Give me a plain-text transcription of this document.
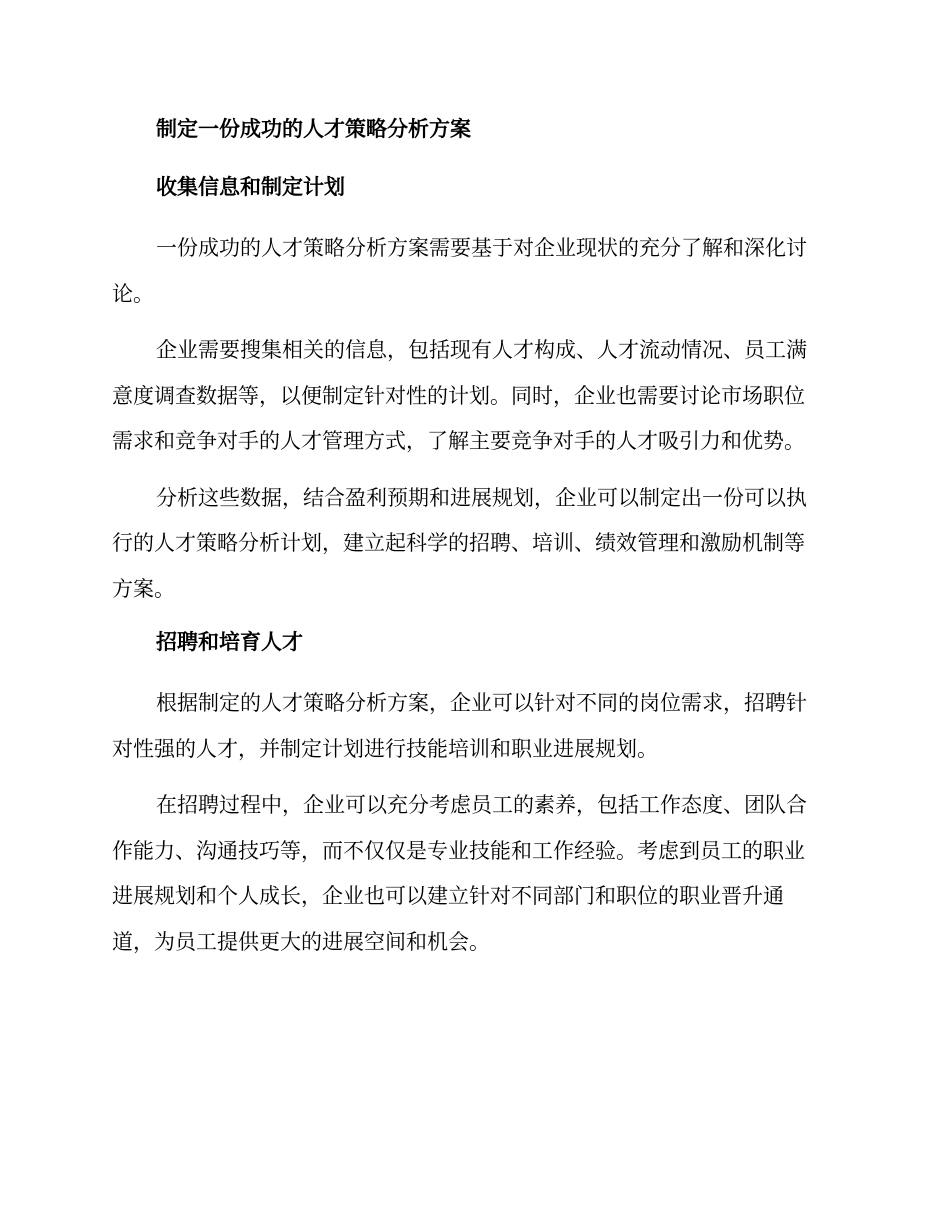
制定一份成功的人才策略分析方案
收集信息和制定计划
一份成功的人才策略分析方案需要基于对企业现状的充分了解和深化讨
论。
企业需要搜集相关的信息，包括现有人才构成、人才流动情况、员工满
意度调查数据等，以便制定针对性的计划。同时，企业也需要讨论市场职位
需求和竞争对手的人才管理方式，了解主要竞争对手的人才吸引力和优势。
分析这些数据，结合盈利预期和进展规划，企业可以制定出一份可以执
行的人才策略分析计划，建立起科学的招聘、培训、绩效管理和激励机制等
方案。
招聘和培育人才
根据制定的人才策略分析方案，企业可以针对不同的岗位需求，招聘针
对性强的人才，并制定计划进行技能培训和职业进展规划。
在招聘过程中，企业可以充分考虑员工的素养，包括工作态度、团队合
作能力、沟通技巧等，而不仅仅是专业技能和工作经验。考虑到员工的职业
进展规划和个人成长，企业也可以建立针对不同部门和职位的职业晋升通
道，为员工提供更大的进展空间和机会。
